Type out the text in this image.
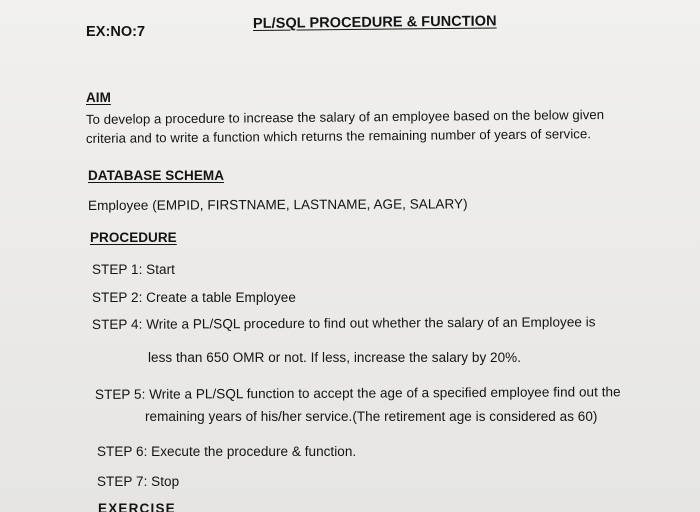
EX:NO:7
PL/SQL PROCEDURE & FUNCTION
AIM
To develop a procedure to increase the salary of an employee based on the below given
criteria and to write a function which returns the remaining number of years of service.
DATABASE SCHEMA
Employee (EMPID, FIRSTNAME, LASTNAME, AGE, SALARY)
PROCEDURE
STEP 1: Start
STEP 2: Create a table Employee
STEP 4: Write a PL/SQL procedure to find out whether the salary of an Employee is
less than 650 OMR or not. If less, increase the salary by 20%.
STEP 5: Write a PL/SQL function to accept the age of a specified employee find out the
remaining years of his/her service.(The retirement age is considered as 60)
STEP 6: Execute the procedure & function.
STEP 7: Stop
EXERCISE
